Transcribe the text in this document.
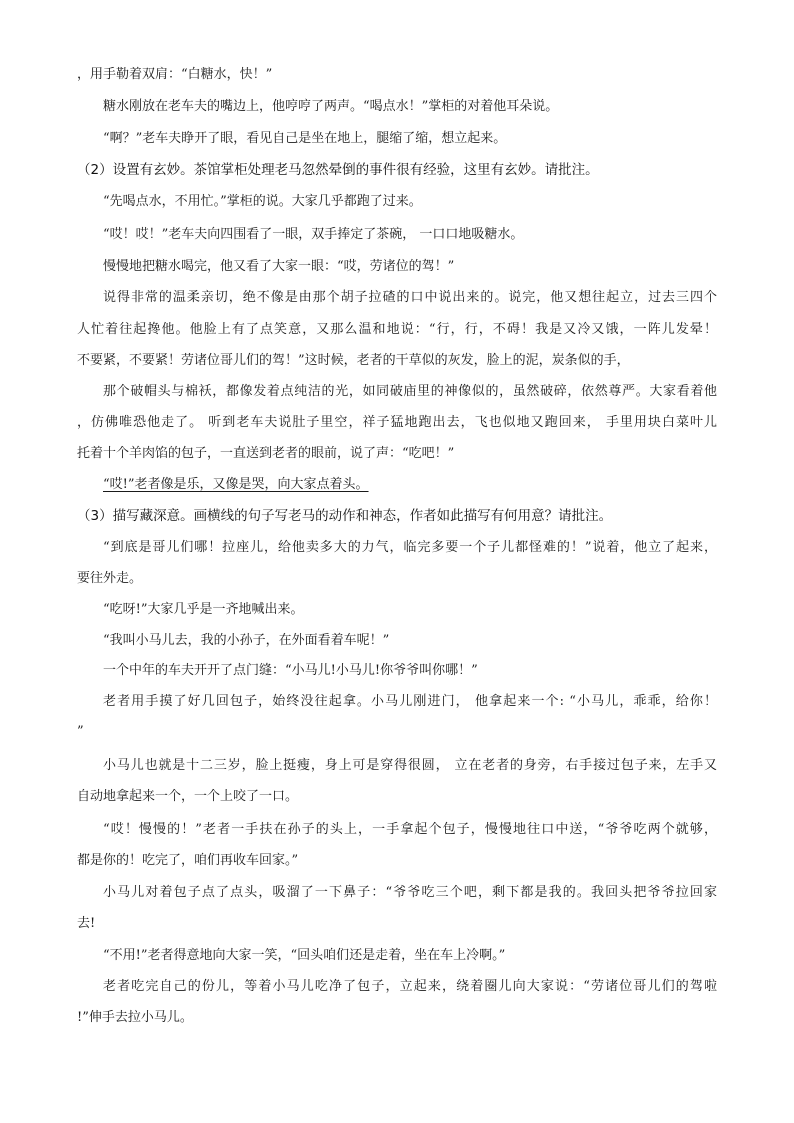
，用手勒着双肩：“白糖水，快！”
糖水刚放在老车夫的嘴边上，他哼哼了两声。“喝点水！”掌柜的对着他耳朵说。
“啊？”老车夫睁开了眼，看见自己是坐在地上，腿缩了缩，想立起来。
（2）设置有玄妙。茶馆掌柜处理老马忽然晕倒的事件很有经验，这里有玄妙。请批注。
“先喝点水，不用忙。”掌柜的说。大家几乎都跑了过来。
“哎！哎！”老车夫向四围看了一眼，双手捧定了茶碗， 一口口地吸糖水。
慢慢地把糖水喝完，他又看了大家一眼：“哎，劳诸位的驾！”
说得非常的温柔亲切，绝不像是由那个胡子拉碴的口中说出来的。说完，他又想往起立，过去三四个
人忙着往起搀他。他脸上有了点笑意，又那么温和地说：“行，行，不碍！我是又冷又饿，一阵儿发晕！
不要紧，不要紧！劳诸位哥儿们的驾！”这时候，老者的干草似的灰发，脸上的泥，炭条似的手，
那个破帽头与棉袄，都像发着点纯洁的光，如同破庙里的神像似的，虽然破碎，依然尊严。大家看着他
，仿佛唯恐他走了。 听到老车夫说肚子里空，祥子猛地跑出去，飞也似地又跑回来， 手里用块白菜叶儿
托着十个羊肉馅的包子，一直送到老者的眼前，说了声：“吃吧！”
“哎!”老者像是乐，又像是哭，向大家点着头。
（3）描写藏深意。画横线的句子写老马的动作和神态，作者如此描写有何用意？请批注。
“到底是哥儿们哪！拉座儿，给他卖多大的力气，临完多要一个子儿都怪难的！”说着，他立了起来，
要往外走。
“吃呀!”大家几乎是一齐地喊出来。
“我叫小马儿去，我的小孙子，在外面看着车呢！”
一个中年的车夫开开了点门缝：“小马儿!小马儿!你爷爷叫你哪！”
老者用手摸了好几回包子，始终没往起拿。小马儿刚进门， 他拿起来一个: “小马儿，乖乖，给你！
”
小马儿也就是十二三岁，脸上挺瘦，身上可是穿得很圆， 立在老者的身旁，右手接过包子来，左手又
自动地拿起来一个，一个上咬了一口。
“哎！慢慢的！”老者一手扶在孙子的头上，一手拿起个包子，慢慢地往口中送，“爷爷吃两个就够，
都是你的！吃完了，咱们再收车回家。”
小马儿对着包子点了点头，吸溜了一下鼻子：“爷爷吃三个吧，剩下都是我的。我回头把爷爷拉回家
去!
“不用!”老者得意地向大家一笑，“回头咱们还是走着，坐在车上冷啊。”
老者吃完自己的份儿，等着小马儿吃净了包子，立起来，绕着圈儿向大家说：“劳诸位哥儿们的驾啦
!”伸手去拉小马儿。
